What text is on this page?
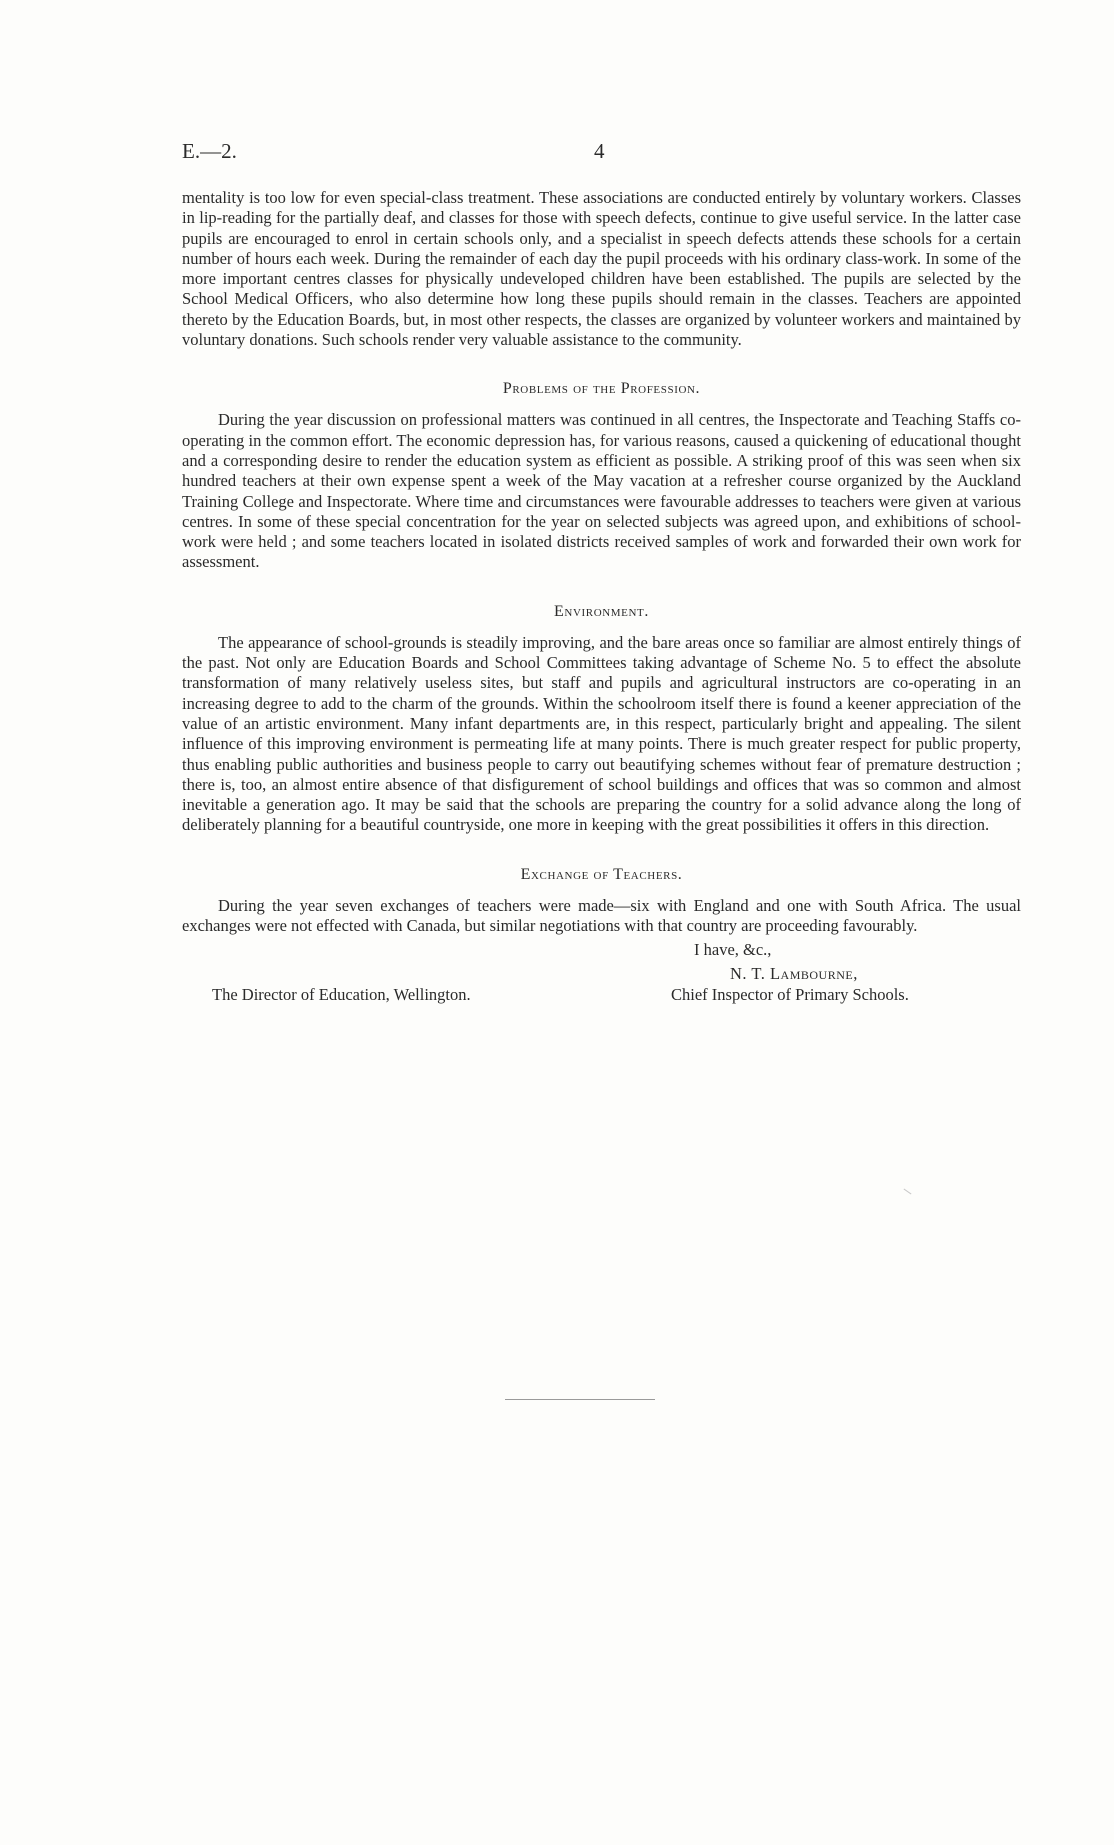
E.—2.	4

mentality is too low for even special-class treatment. These associations are conducted entirely by voluntary workers. Classes in lip-reading for the partially deaf, and classes for those with speech defects, continue to give useful service. In the latter case pupils are encouraged to enrol in certain schools only, and a specialist in speech defects attends these schools for a certain number of hours each week. During the remainder of each day the pupil proceeds with his ordinary class-work. In some of the more important centres classes for physically undeveloped children have been established. The pupils are selected by the School Medical Officers, who also determine how long these pupils should remain in the classes. Teachers are appointed thereto by the Education Boards, but, in most other respects, the classes are organized by volunteer workers and maintained by voluntary donations. Such schools render very valuable assistance to the community.

Problems of the Profession.

During the year discussion on professional matters was continued in all centres, the Inspectorate and Teaching Staffs co-operating in the common effort. The economic depression has, for various reasons, caused a quickening of educational thought and a corresponding desire to render the education system as efficient as possible. A striking proof of this was seen when six hundred teachers at their own expense spent a week of the May vacation at a refresher course organized by the Auckland Training College and Inspectorate. Where time and circumstances were favourable addresses to teachers were given at various centres. In some of these special concentration for the year on selected subjects was agreed upon, and exhibitions of school-work were held ; and some teachers located in isolated districts received samples of work and forwarded their own work for assessment.

Environment.

The appearance of school-grounds is steadily improving, and the bare areas once so familiar are almost entirely things of the past. Not only are Education Boards and School Committees taking advantage of Scheme No. 5 to effect the absolute transformation of many relatively useless sites, but staff and pupils and agricultural instructors are co-operating in an increasing degree to add to the charm of the grounds. Within the schoolroom itself there is found a keener appreciation of the value of an artistic environment. Many infant departments are, in this respect, particularly bright and appealing. The silent influence of this improving environment is permeating life at many points. There is much greater respect for public property, thus enabling public authorities and business people to carry out beautifying schemes without fear of premature destruction ; there is, too, an almost entire absence of that disfigurement of school buildings and offices that was so common and almost inevitable a generation ago. It may be said that the schools are preparing the country for a solid advance along the long of deliberately planning for a beautiful countryside, one more in keeping with the great possibilities it offers in this direction.

Exchange of Teachers.

During the year seven exchanges of teachers were made—six with England and one with South Africa. The usual exchanges were not effected with Canada, but similar negotiations with that country are proceeding favourably.

I have, &c.,
N. T. Lambourne,
The Director of Education, Wellington.	Chief Inspector of Primary Schools.
